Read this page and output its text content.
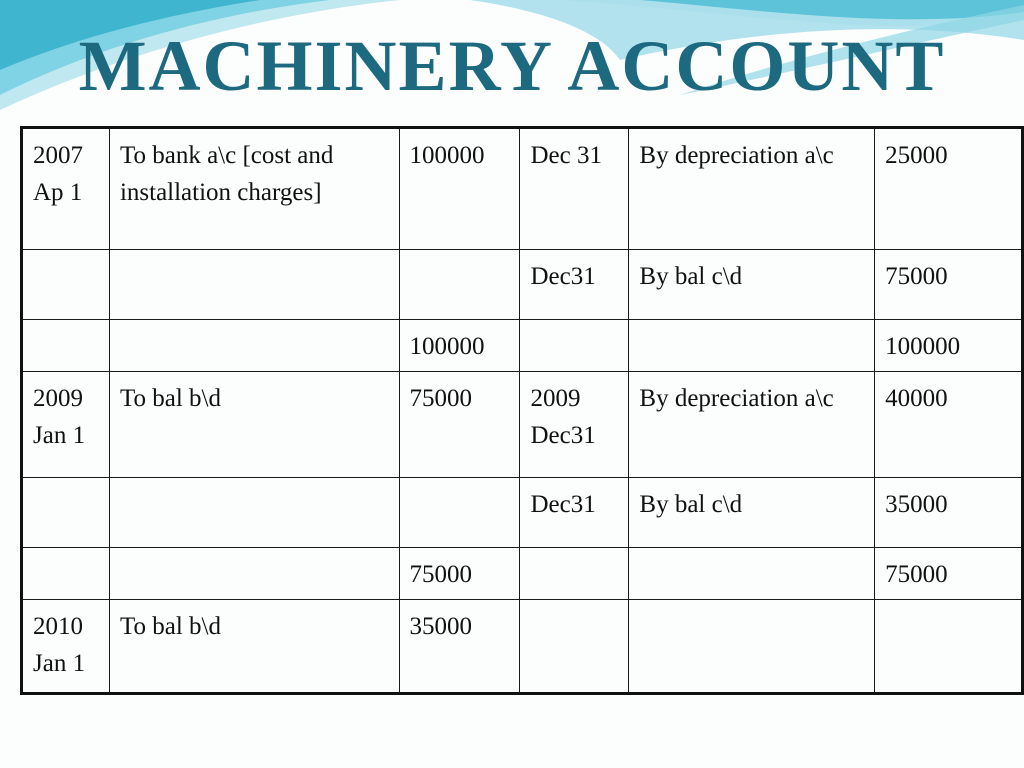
MACHINERY ACCOUNT
2007 Ap 1	To bank a\c [cost and installation charges]	100000	Dec 31	By depreciation a\c	25000
			Dec31	By bal c\d	75000
		100000			100000
2009 Jan 1	To bal b\d	75000	2009 Dec31	By depreciation a\c	40000
			Dec31	By bal c\d	35000
		75000			75000
2010 Jan 1	To bal b\d	35000			
